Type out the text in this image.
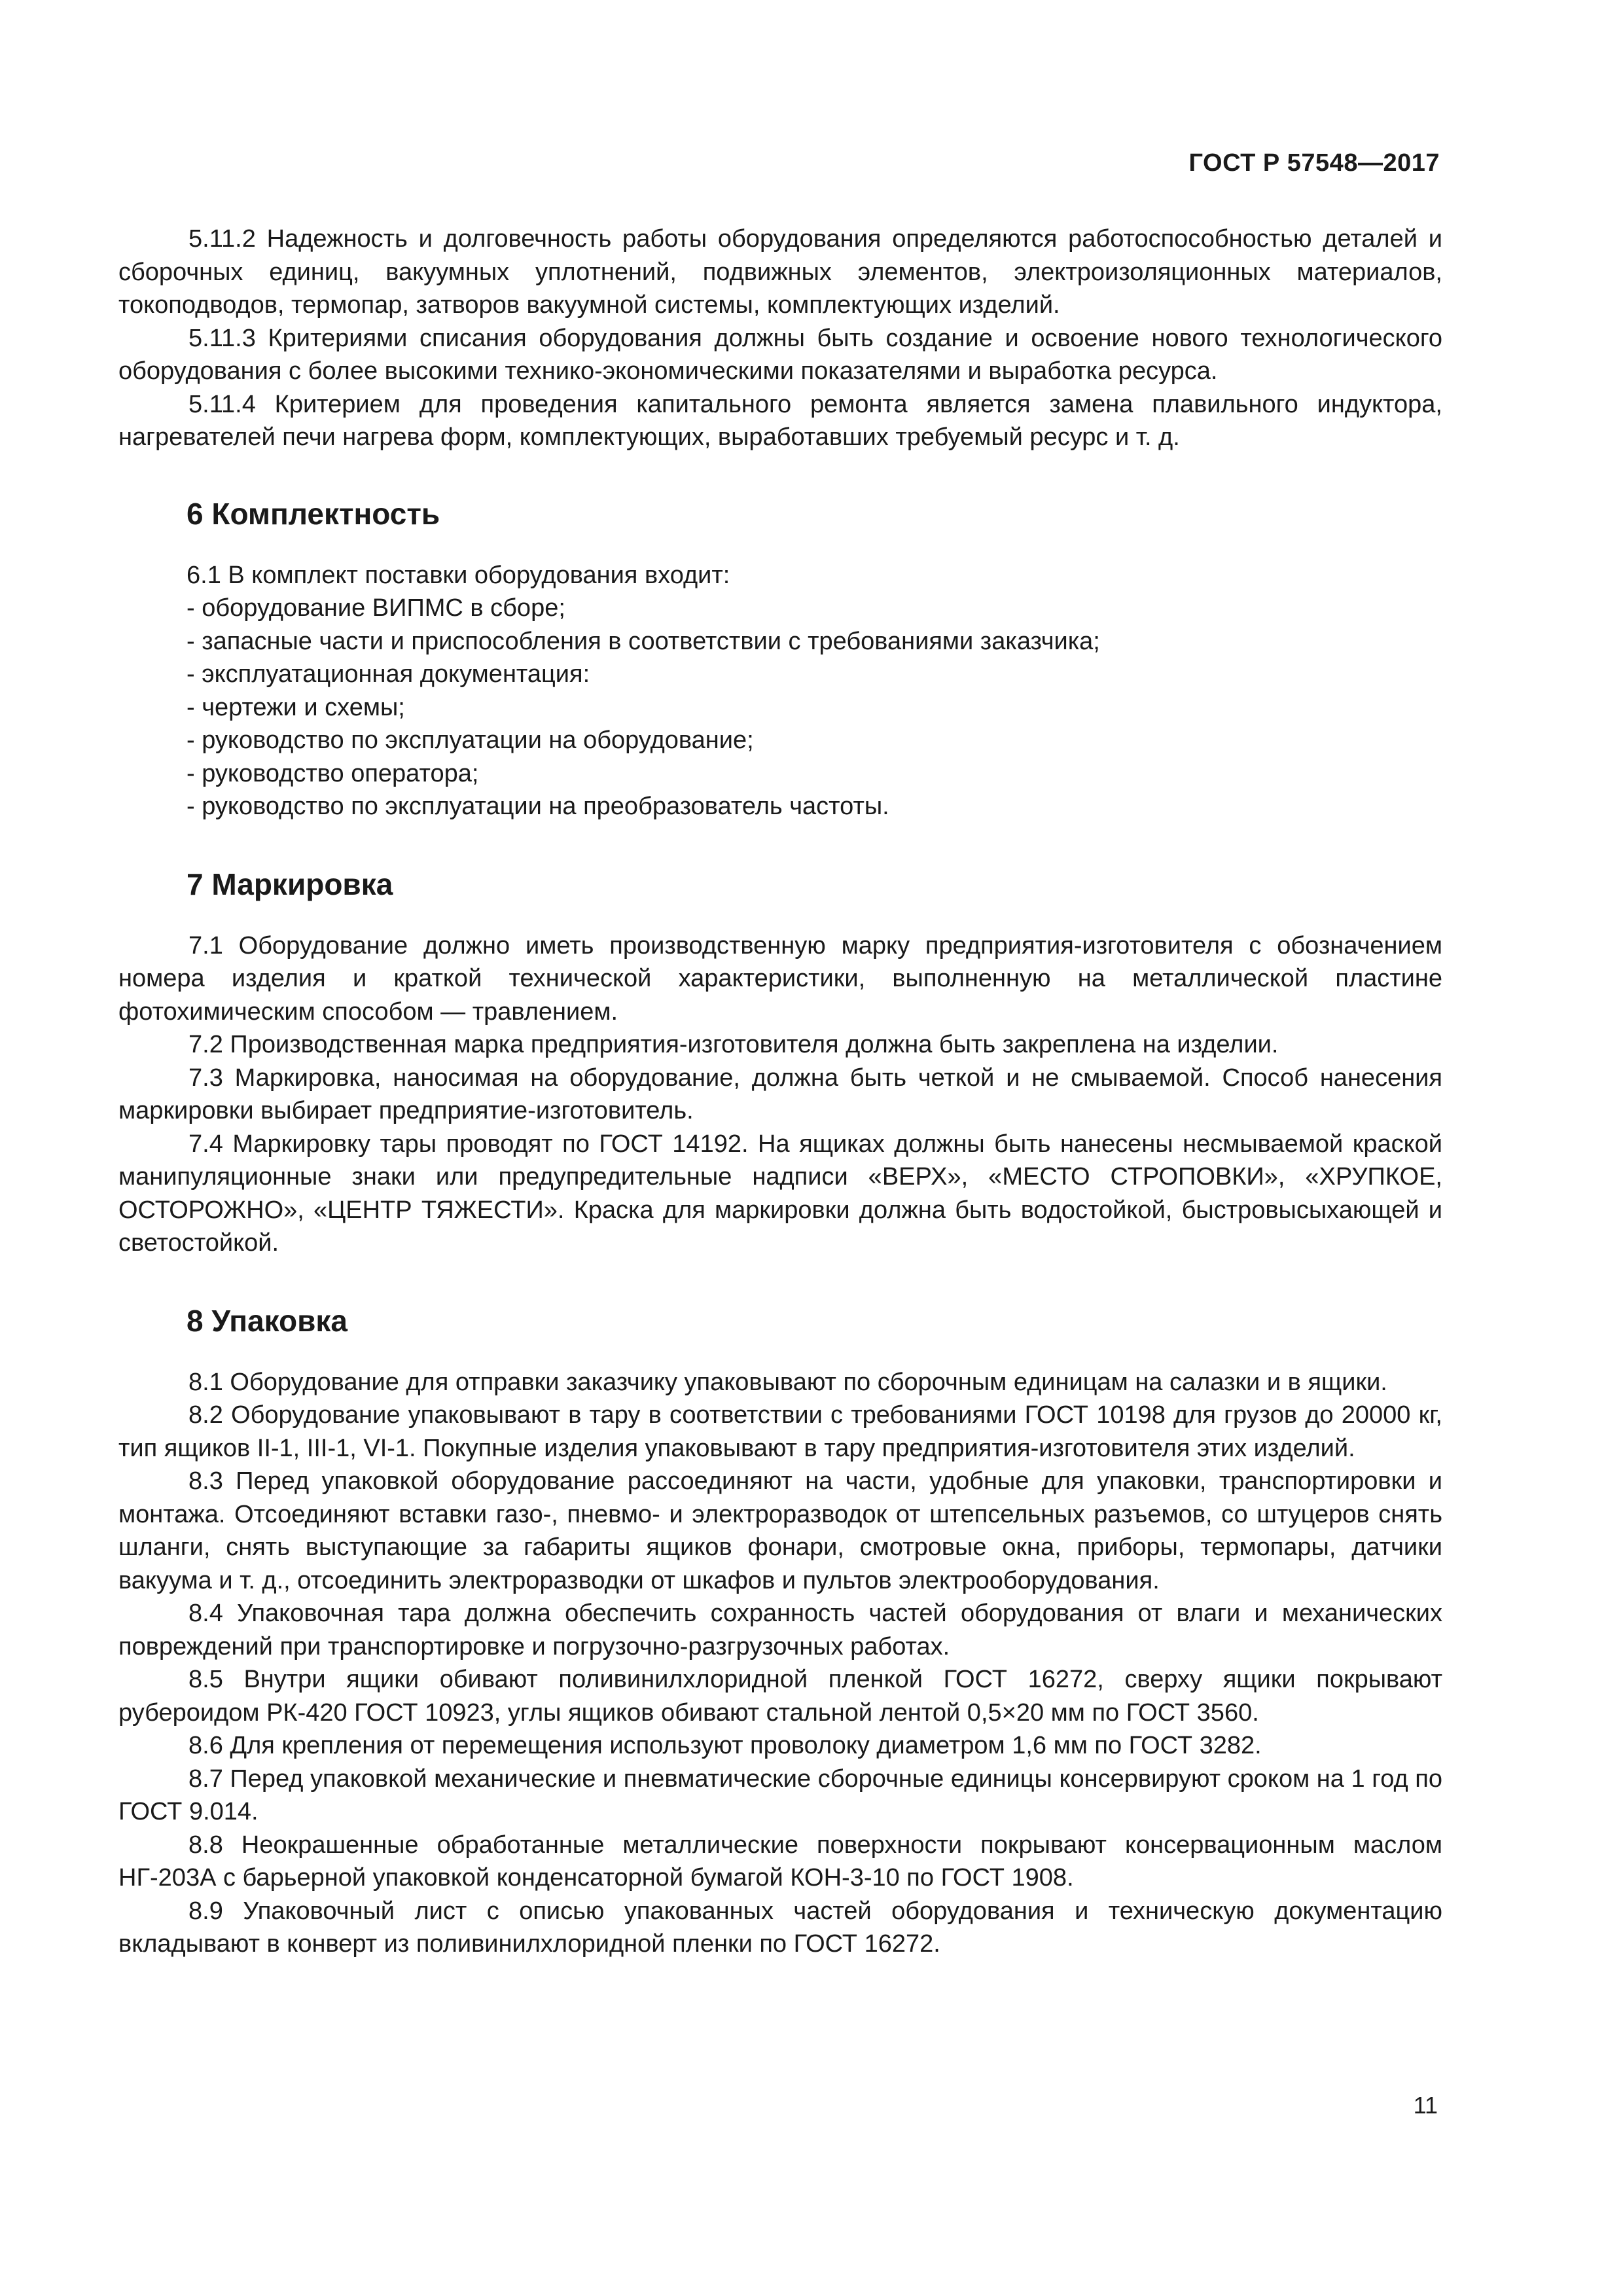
ГОСТ Р 57548—2017

5.11.2 Надежность и долговечность работы оборудования определяются работоспособностью деталей и сборочных единиц, вакуумных уплотнений, подвижных элементов, электроизоляционных материалов, токоподводов, термопар, затворов вакуумной системы, комплектующих изделий.

5.11.3 Критериями списания оборудования должны быть создание и освоение нового технологического оборудования с более высокими технико-экономическими показателями и выработка ресурса.

5.11.4 Критерием для проведения капитального ремонта является замена плавильного индуктора, нагревателей печи нагрева форм, комплектующих, выработавших требуемый ресурс и т. д.

6 Комплектность

6.1 В комплект поставки оборудования входит:

- оборудование ВИПМС в сборе;

- запасные части и приспособления в соответствии с требованиями заказчика;

- эксплуатационная документация:

- чертежи и схемы;

- руководство по эксплуатации на оборудование;

- руководство оператора;

- руководство по эксплуатации на преобразователь частоты.

7 Маркировка

7.1 Оборудование должно иметь производственную марку предприятия-изготовителя с обозначением номера изделия и краткой технической характеристики, выполненную на металлической пластине фотохимическим способом — травлением.

7.2 Производственная марка предприятия-изготовителя должна быть закреплена на изделии.

7.3 Маркировка, наносимая на оборудование, должна быть четкой и не смываемой. Способ нанесения маркировки выбирает предприятие-изготовитель.

7.4 Маркировку тары проводят по ГОСТ 14192. На ящиках должны быть нанесены несмываемой краской манипуляционные знаки или предупредительные надписи «ВЕРХ», «МЕСТО СТРОПОВКИ», «ХРУПКОЕ, ОСТОРОЖНО», «ЦЕНТР ТЯЖЕСТИ». Краска для маркировки должна быть водостойкой, быстровысыхающей и светостойкой.

8 Упаковка

8.1 Оборудование для отправки заказчику упаковывают по сборочным единицам на салазки и в ящики.

8.2 Оборудование упаковывают в тару в соответствии с требованиями ГОСТ 10198 для грузов до 20000 кг, тип ящиков II-1, III-1, VI-1. Покупные изделия упаковывают в тару предприятия-изготовителя этих изделий.

8.3 Перед упаковкой оборудование рассоединяют на части, удобные для упаковки, транспортировки и монтажа. Отсоединяют вставки газо-, пневмо- и электроразводок от штепсельных разъемов, со штуцеров снять шланги, снять выступающие за габариты ящиков фонари, смотровые окна, приборы, термопары, датчики вакуума и т. д., отсоединить электроразводки от шкафов и пультов электрооборудования.

8.4 Упаковочная тара должна обеспечить сохранность частей оборудования от влаги и механических повреждений при транспортировке и погрузочно-разгрузочных работах.

8.5 Внутри ящики обивают поливинилхлоридной пленкой ГОСТ 16272, сверху ящики покрывают рубероидом РК-420 ГОСТ 10923, углы ящиков обивают стальной лентой 0,5×20 мм по ГОСТ 3560.

8.6 Для крепления от перемещения используют проволоку диаметром 1,6 мм по ГОСТ 3282.

8.7 Перед упаковкой механические и пневматические сборочные единицы консервируют сроком на 1 год по ГОСТ 9.014.

8.8 Неокрашенные обработанные металлические поверхности покрывают консервационным маслом НГ-203А с барьерной упаковкой конденсаторной бумагой КОН-3-10 по ГОСТ 1908.

8.9 Упаковочный лист с описью упакованных частей оборудования и техническую документацию вкладывают в конверт из поливинилхлоридной пленки по ГОСТ 16272.

11
